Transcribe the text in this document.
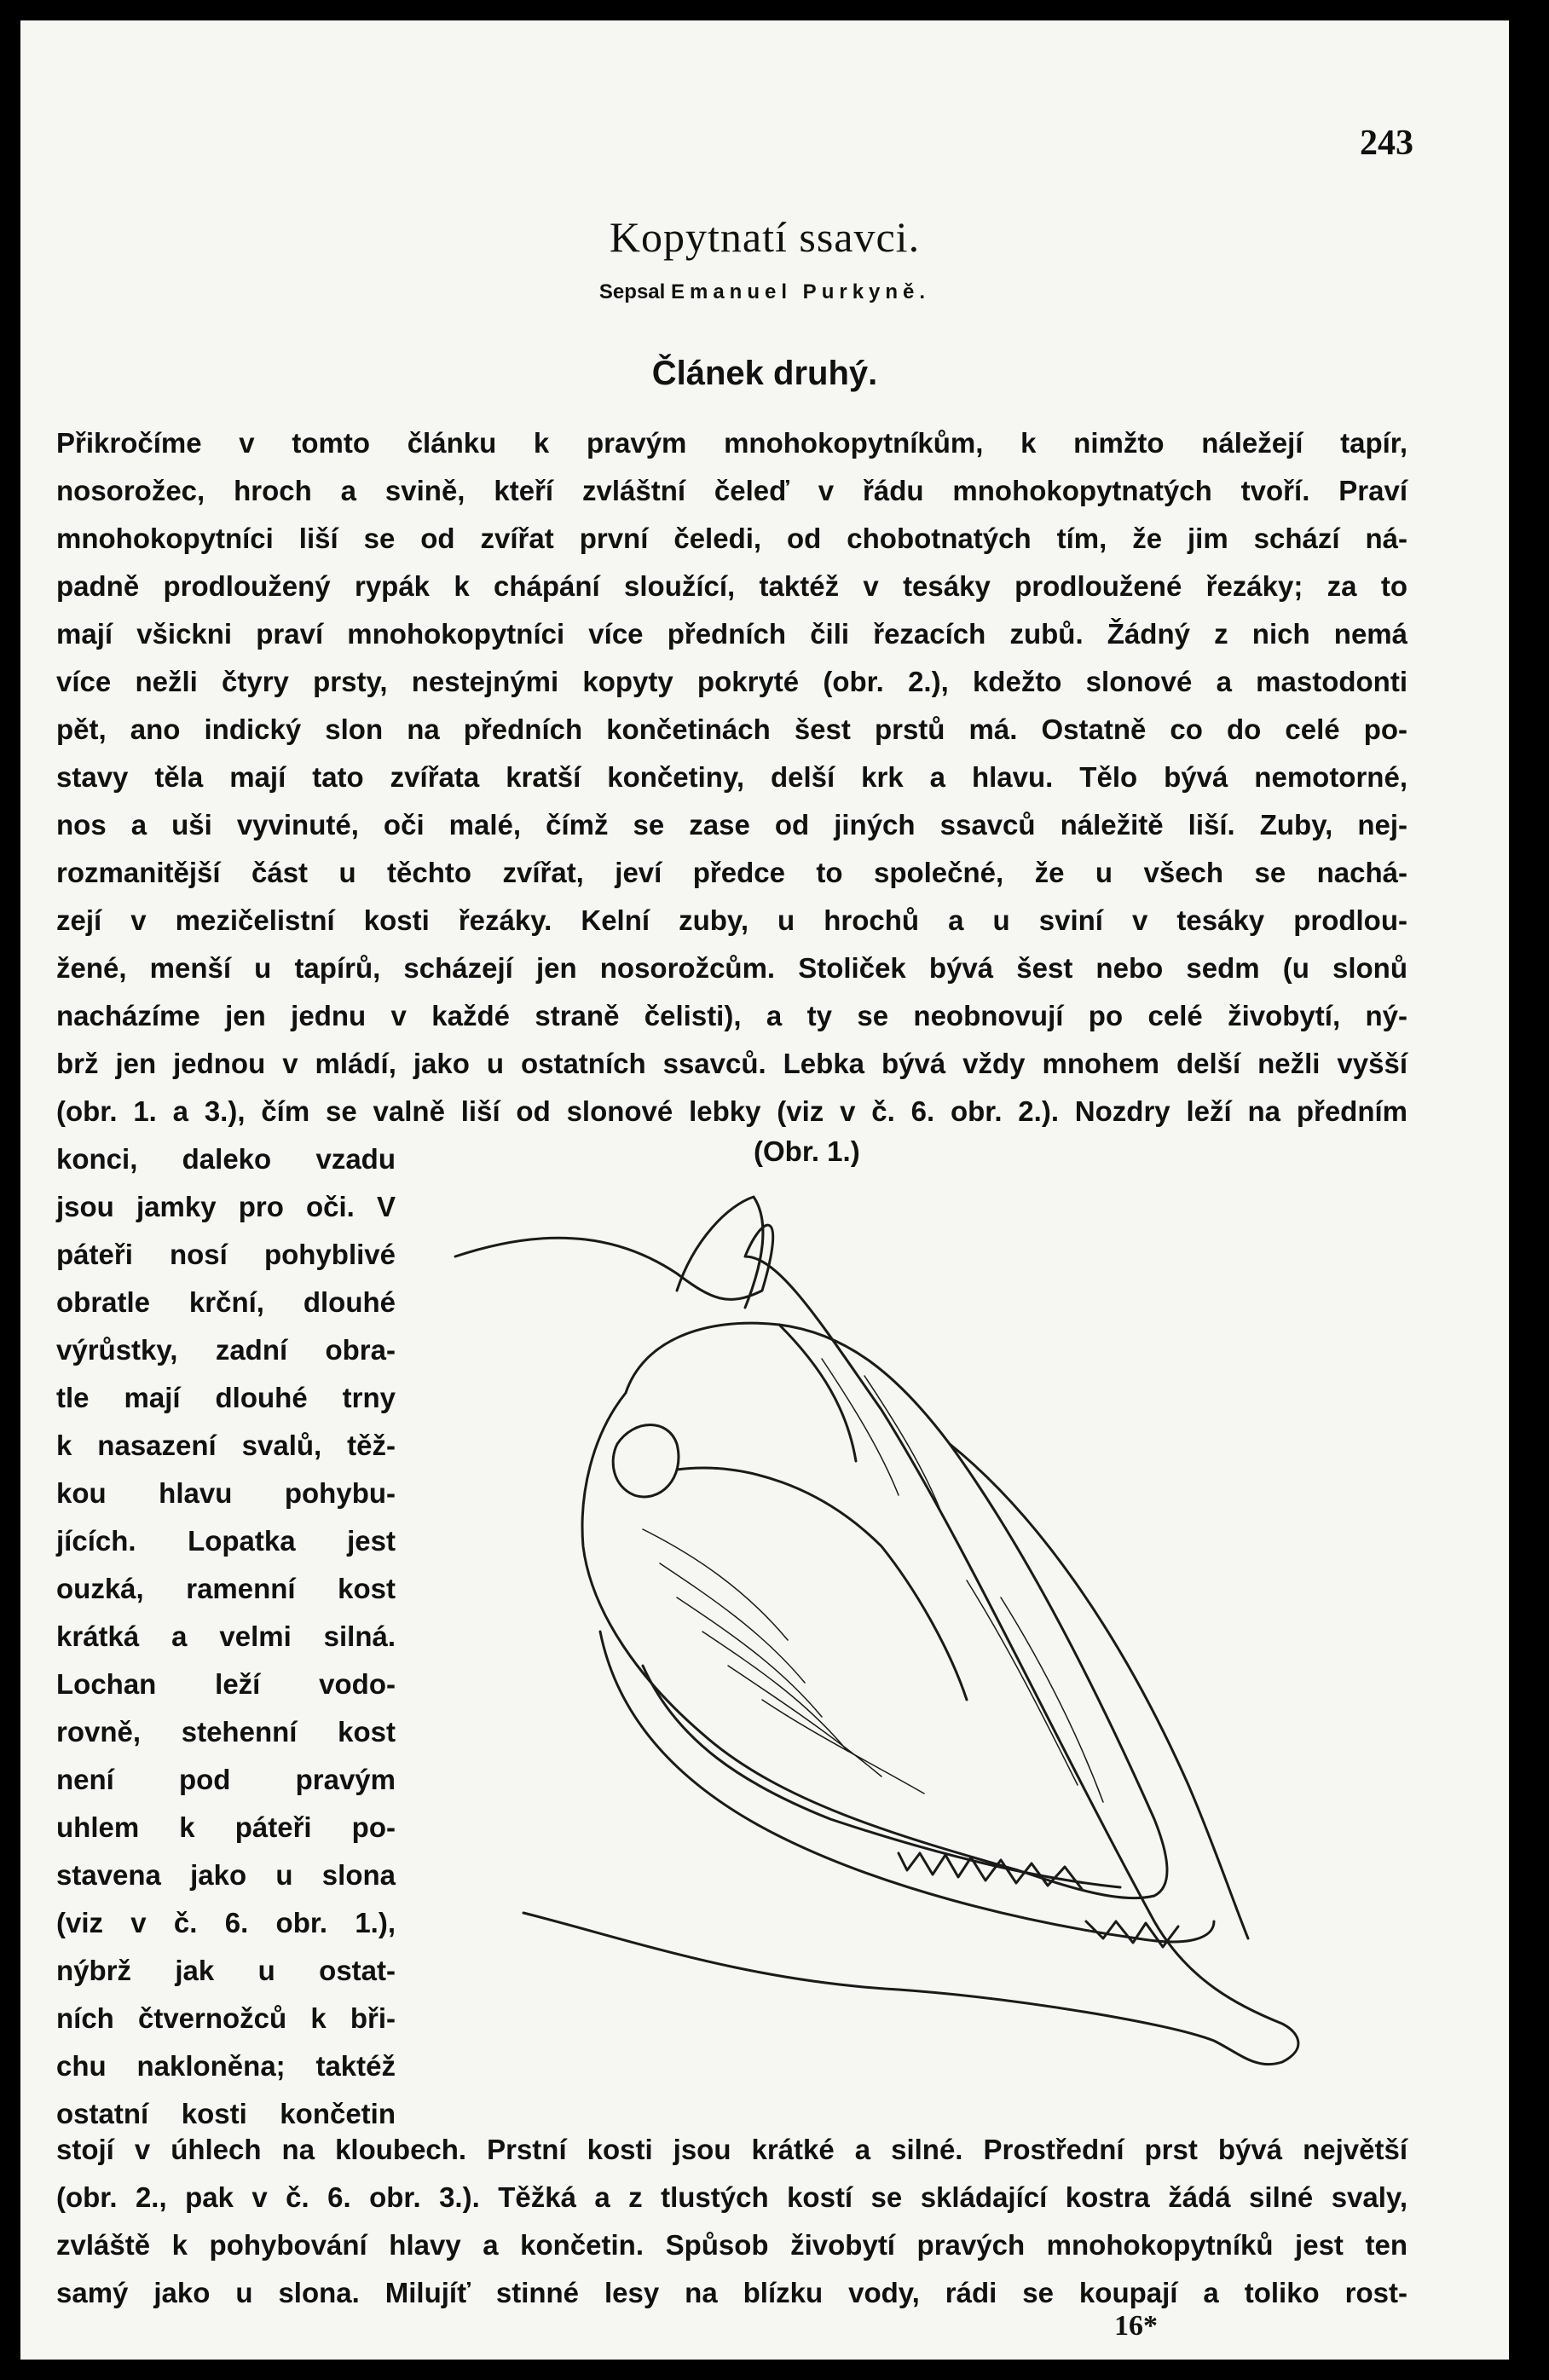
243
Kopytnatí ssavci.
Sepsal Emanuel Purkyně.
Článek druhý.
Přikročíme v tomto článku k pravým mnohokopytníkům, k nimžto náležejí tapír,
nosorožec, hroch a svině, kteří zvláštní čeleď v řádu mnohokopytnatých tvoří. Praví
mnohokopytníci liší se od zvířat první čeledi, od chobotnatých tím, že jim schází ná-
padně prodloužený rypák k chápání sloužící, taktéž v tesáky prodloužené řezáky; za to
mají všickni praví mnohokopytníci více předních čili řezacích zubů. Žádný z nich nemá
více nežli čtyry prsty, nestejnými kopyty pokryté (obr. 2.), kdežto slonové a mastodonti
pět, ano indický slon na předních končetinách šest prstů má. Ostatně co do celé po-
stavy těla mají tato zvířata kratší končetiny, delší krk a hlavu. Tělo bývá nemotorné,
nos a uši vyvinuté, oči malé, čímž se zase od jiných ssavců náležitě liší. Zuby, nej-
rozmanitější část u těchto zvířat, jeví předce to společné, že u všech se nachá-
zejí v mezičelistní kosti řezáky. Kelní zuby, u hrochů a u sviní v tesáky prodlou-
žené, menší u tapírů, scházejí jen nosorožcům. Stoliček bývá šest nebo sedm (u slonů
nacházíme jen jednu v každé straně čelisti), a ty se neobnovují po celé živobytí, ný-
brž jen jednou v mládí, jako u ostatních ssavců. Lebka bývá vždy mnohem delší nežli vyšší
(obr. 1. a 3.), čím se valně liší od slonové lebky (viz v č. 6. obr. 2.). Nozdry leží na předním
konci, daleko vzadu
jsou jamky pro oči. V
páteři nosí pohyblivé
obratle krční, dlouhé
výrůstky, zadní obra-
tle mají dlouhé trny
k nasazení svalů, těž-
kou hlavu pohybu-
jících. Lopatka jest
ouzká, ramenní kost
krátká a velmi silná.
Lochan leží vodo-
rovně, stehenní kost
není pod pravým
uhlem k páteři po-
stavena jako u slona
(viz v č. 6. obr. 1.),
nýbrž jak u ostat-
ních čtvernožců k bři-
chu nakloněna; taktéž
ostatní kosti končetin
(Obr. 1.)
stojí v úhlech na kloubech. Prstní kosti jsou krátké a silné. Prostřední prst bývá největší
(obr. 2., pak v č. 6. obr. 3.). Těžká a z tlustých kostí se skládající kostra žádá silné svaly,
zvláště k pohybování hlavy a končetin. Spůsob živobytí pravých mnohokopytníků jest ten
samý jako u slona. Milujíť stinné lesy na blízku vody, rádi se koupají a toliko rost-
16*
